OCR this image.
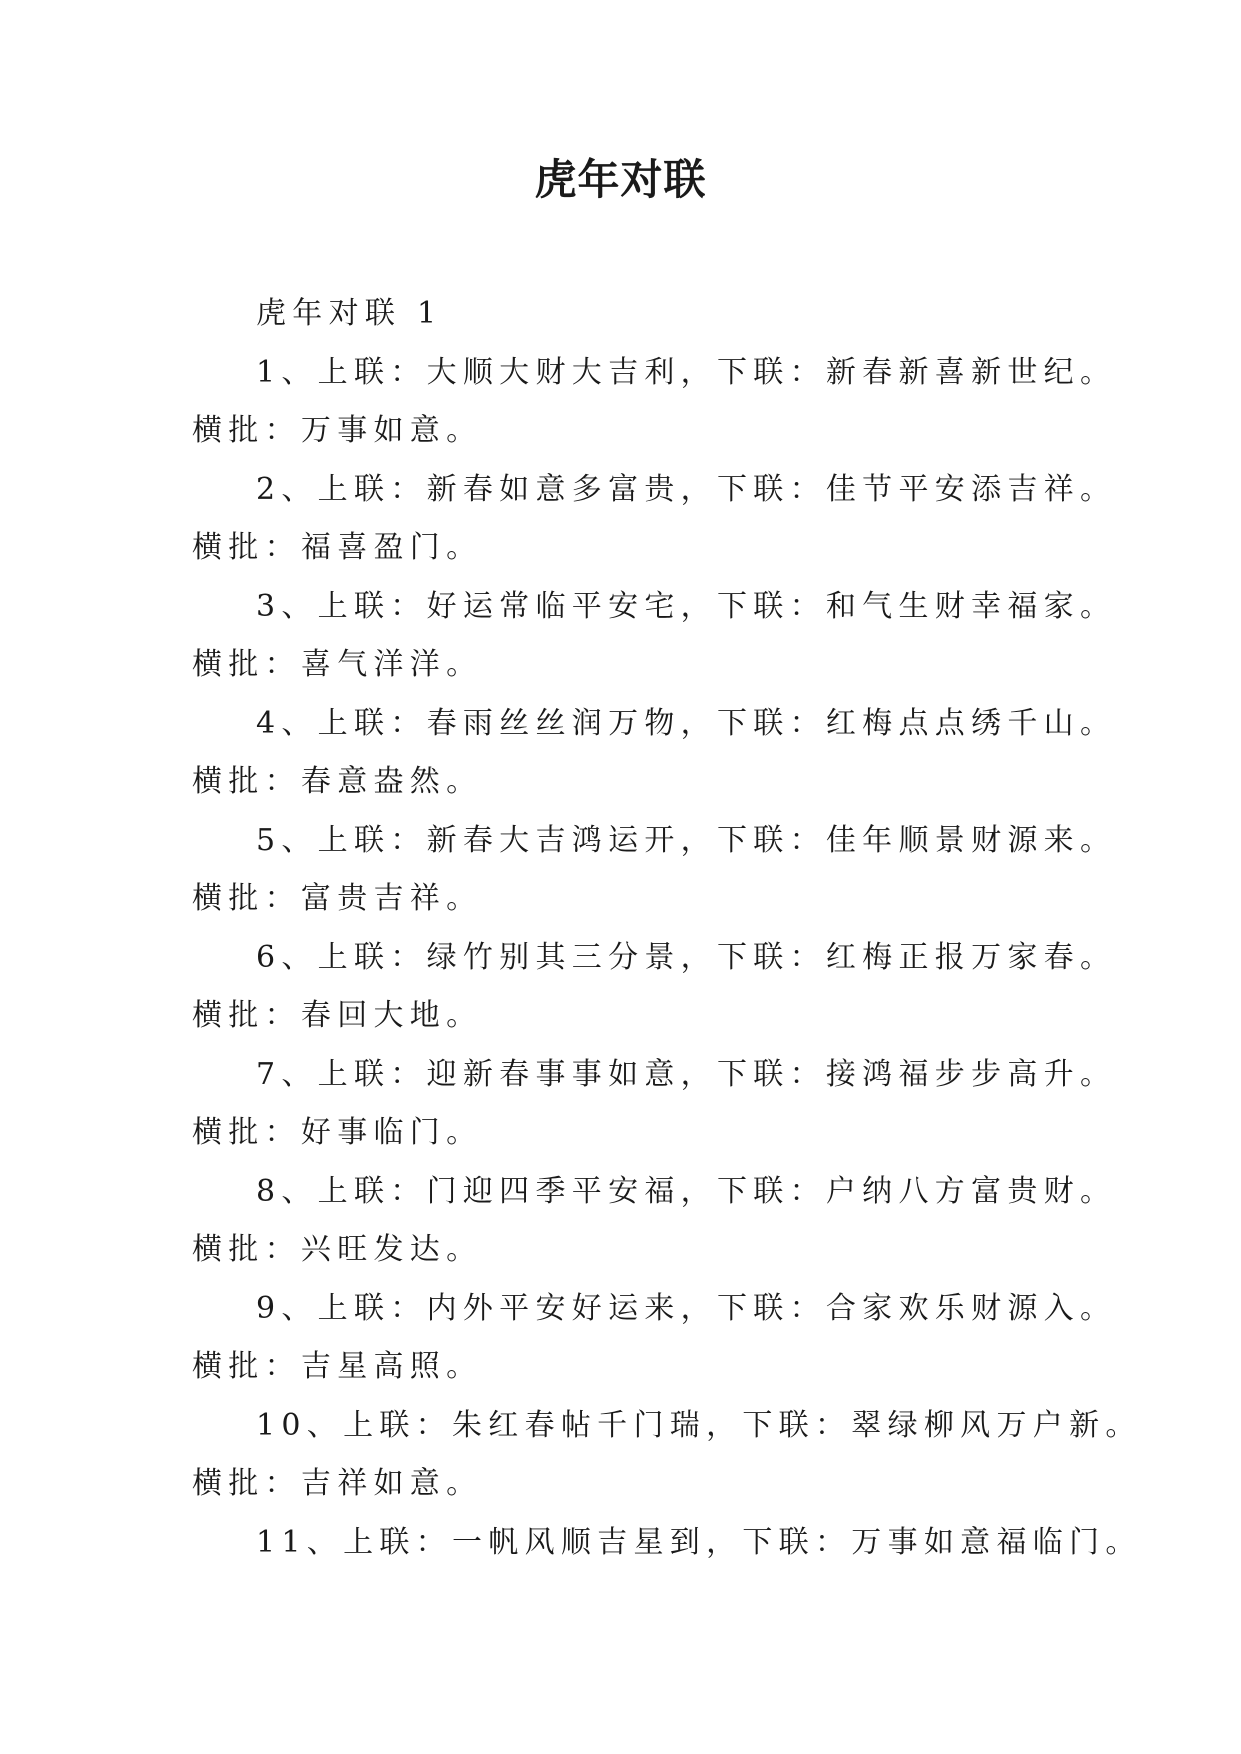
虎年对联
虎年对联 1
1、上联：大顺大财大吉利，下联：新春新喜新世纪。
横批：万事如意。
2、上联：新春如意多富贵，下联：佳节平安添吉祥。
横批：福喜盈门。
3、上联：好运常临平安宅，下联：和气生财幸福家。
横批：喜气洋洋。
4、上联：春雨丝丝润万物，下联：红梅点点绣千山。
横批：春意盎然。
5、上联：新春大吉鸿运开，下联：佳年顺景财源来。
横批：富贵吉祥。
6、上联：绿竹别其三分景，下联：红梅正报万家春。
横批：春回大地。
7、上联：迎新春事事如意，下联：接鸿福步步高升。
横批：好事临门。
8、上联：门迎四季平安福，下联：户纳八方富贵财。
横批：兴旺发达。
9、上联：内外平安好运来，下联：合家欢乐财源入。
横批：吉星高照。
10、上联：朱红春帖千门瑞，下联：翠绿柳风万户新。
横批：吉祥如意。
11、上联：一帆风顺吉星到，下联：万事如意福临门。
